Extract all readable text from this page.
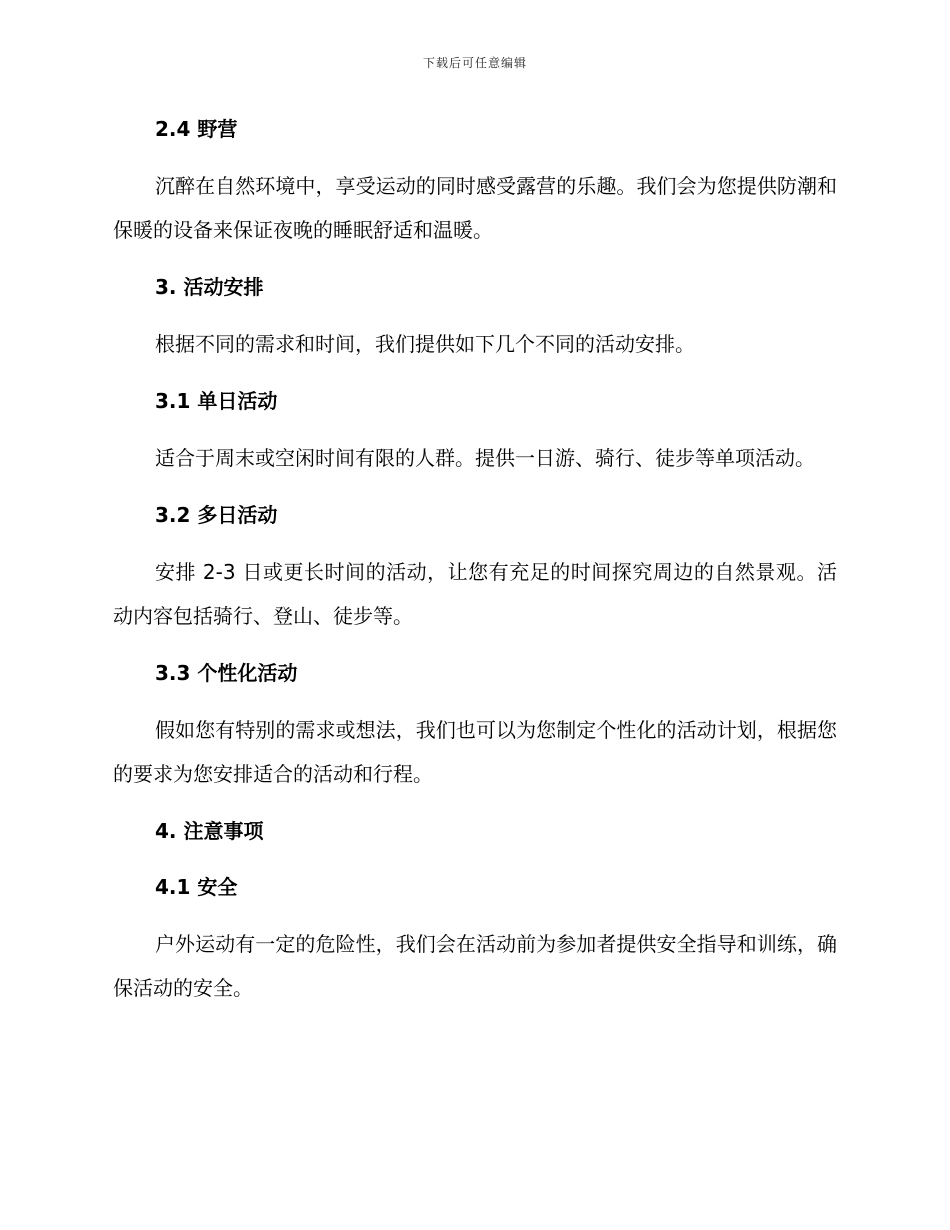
下载后可任意编辑
2.4 野营

沉醉在自然环境中，享受运动的同时感受露营的乐趣。我们会为您提供防潮和保暖的设备来保证夜晚的睡眠舒适和温暖。

3. 活动安排

根据不同的需求和时间，我们提供如下几个不同的活动安排。

3.1 单日活动

适合于周末或空闲时间有限的人群。提供一日游、骑行、徒步等单项活动。

3.2 多日活动

安排 2-3 日或更长时间的活动，让您有充足的时间探究周边的自然景观。活动内容包括骑行、登山、徒步等。

3.3 个性化活动

假如您有特别的需求或想法，我们也可以为您制定个性化的活动计划，根据您的要求为您安排适合的活动和行程。

4. 注意事项
4.1 安全

户外运动有一定的危险性，我们会在活动前为参加者提供安全指导和训练，确保活动的安全。
